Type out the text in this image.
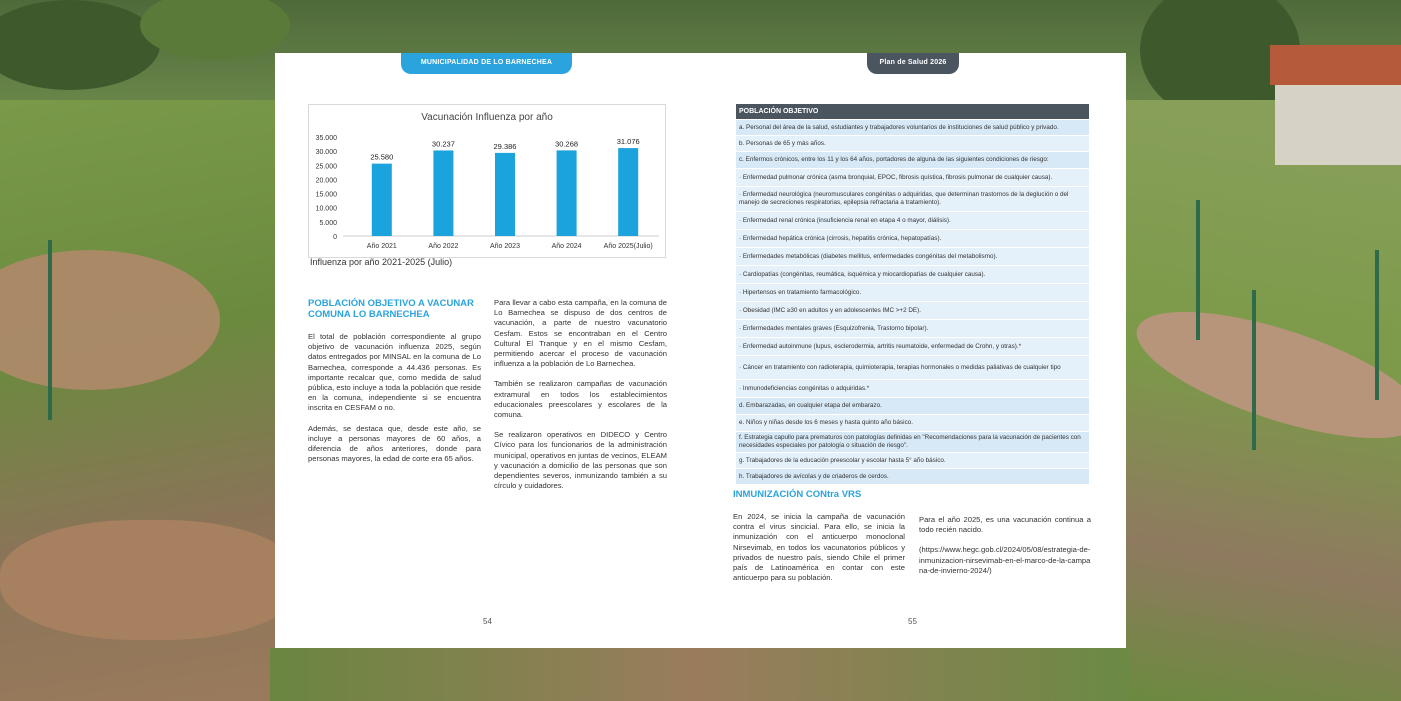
MUNICIPALIDAD DE LO BARNECHEA	Plan de Salud 2026
Vacunación Influenza por año
35.000
30.000
25.000
20.000
15.000
10.000
5.000
0
25.580
Año 2021
30.237
Año 2022
29.386
Año 2023
30.268
Año 2024
31.076
Año 2025(Julio)
Influenza por año 2021-2025 (Julio)
POBLACIÓN OBJETIVO A VACUNAR COMUNA LO BARNECHEA

El total de población correspondiente al grupo objetivo de vacunación influenza 2025, según datos entregados por MINSAL en la comuna de Lo Barnechea, corresponde a 44.436 personas. Es importante recalcar que, como medida de salud pública, esto incluye a toda la población que reside en la comuna, independiente si se encuentra inscrita en CESFAM o no.

Además, se destaca que, desde este año, se incluye a personas mayores de 60 años, a diferencia de años anteriores, donde para personas mayores, la edad de corte era 65 años.

Para llevar a cabo esta campaña, en la comuna de Lo Barnechea se dispuso de dos centros de vacunación, a parte de nuestro vacunatorio Cesfam. Estos se encontraban en el Centro Cultural El Tranque y en el mismo Cesfam, permitiendo acercar el proceso de vacunación influenza a la población de Lo Barnechea.

También se realizaron campañas de vacunación extramural en todos los establecimientos educacionales preescolares y escolares de la comuna.

Se realizaron operativos en DIDECO y Centro Cívico para los funcionarios de la administración municipal, operativos en juntas de vecinos, ELEAM y vacunación a domicilio de las personas que son dependientes severos, inmunizando también a su círculo y cuidadores.

54
POBLACIÓN OBJETIVO
a. Personal del área de la salud, estudiantes y trabajadores voluntarios de instituciones de salud público y privado.
b. Personas de 65 y más años.
c. Enfermos crónicos, entre los 11 y los 64 años, portadores de alguna de las siguientes condiciones de riesgo:
· Enfermedad pulmonar crónica (asma bronquial, EPOC, fibrosis quística, fibrosis pulmonar de cualquier causa).
· Enfermedad neurológica (neuromusculares congénitas o adquiridas, que determinan trastornos de la deglución o del manejo de secreciones respiratorias, epilepsia refractaria a tratamiento).
· Enfermedad renal crónica (insuficiencia renal en etapa 4 o mayor, diálisis).
· Enfermedad hepática crónica (cirrosis, hepatitis crónica, hepatopatías).
· Enfermedades metabólicas (diabetes mellitus, enfermedades congénitas del metabolismo).
· Cardiopatías (congénitas, reumática, isquémica y miocardiopatías de cualquier causa).
· Hipertensos en tratamiento farmacológico.
· Obesidad (IMC ≥30 en adultos y en adolescentes IMC >+2 DE).
· Enfermedades mentales graves (Esquizofrenia, Trastorno bipolar).
· Enfermedad autoinmune (lupus, esclerodermia, artritis reumatoide, enfermedad de Crohn, y otras).*
· Cáncer en tratamiento con radioterapia, quimioterapia, terapias hormonales o medidas paliativas de cualquier tipo
· Inmunodeficiencias congénitas o adquiridas.*
d. Embarazadas, en cualquier etapa del embarazo.
e. Niños y niñas desde los 6 meses y hasta quinto año básico.
f. Estrategia capullo para prematuros con patologías definidas en "Recomendaciones para la vacunación de pacientes con necesidades especiales por patología o situación de riesgo".
g. Trabajadores de la educación preescolar y escolar hasta 5° año básico.
h. Trabajadores de avícolas y de criaderos de cerdos.
INMUNIZACIÓN CONtra VRS

En 2024, se inicia la campaña de vacunación contra el virus sincicial. Para ello, se inicia la inmunización con el anticuerpo monoclonal Nirsevimab, en todos los vacunatorios públicos y privados de nuestro país, siendo Chile el primer país de Latinoamérica en contar con este anticuerpo para su población.

Para el año 2025, es una vacunación continua a todo recién nacido.

(https://www.hegc.gob.cl/2024/05/08/estrategia-de-inmunizacion-nirsevimab-en-el-marco-de-la-campana-de-invierno-2024/)

55
